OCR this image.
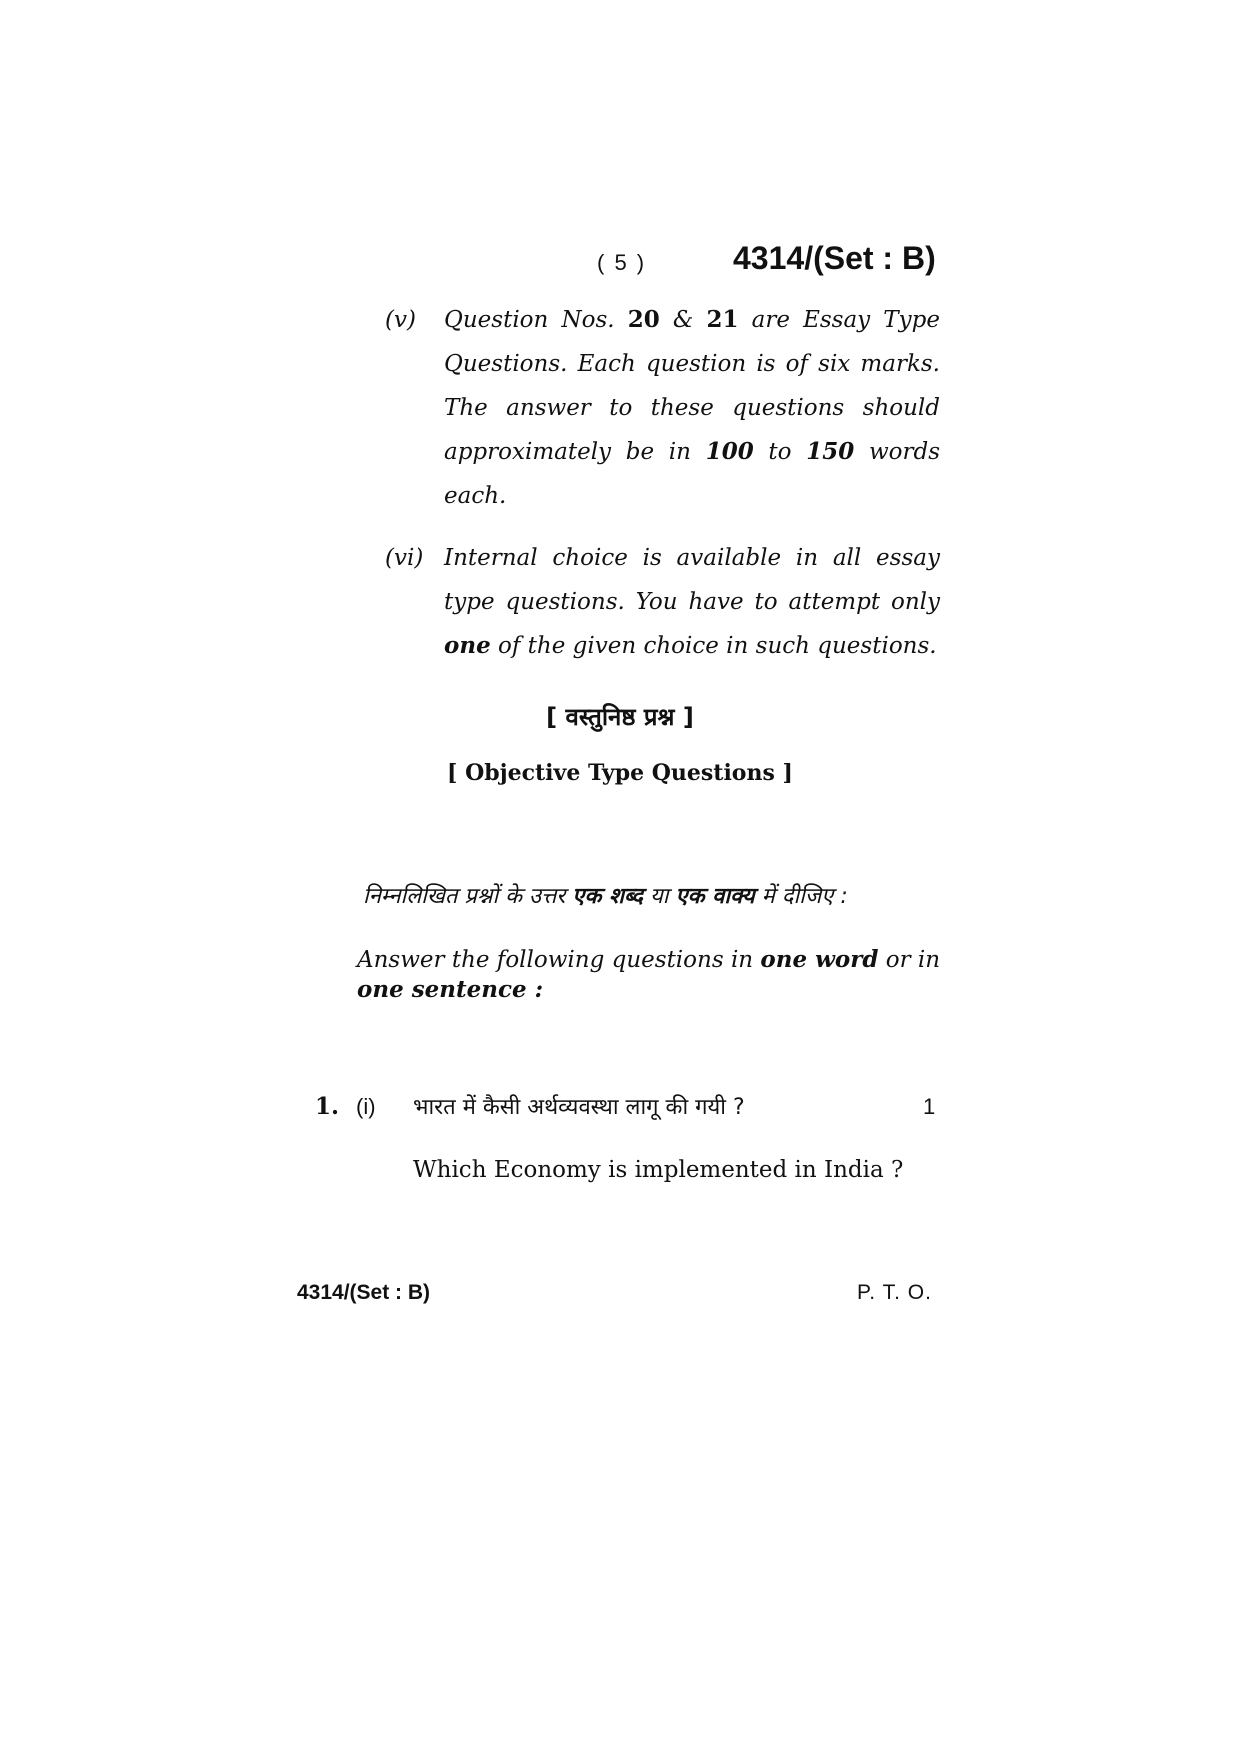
( 5 )	4314/(Set : B)
(v) Question Nos. 20 & 21 are Essay Type Questions. Each question is of six marks. The answer to these questions should approximately be in 100 to 150 words each.
(vi) Internal choice is available in all essay type questions. You have to attempt only one of the given choice in such questions.
[ वस्तुनिष्ठ प्रश्न ]
[ Objective Type Questions ]
निम्नलिखित प्रश्नों के उत्तर एक शब्द या एक वाक्य में दीजिए :
Answer the following questions in one word or in
one sentence :
1. (i) भारत में कैसी अर्थव्यवस्था लागू की गयी ?	1
Which Economy is implemented in India ?
4314/(Set : B)	P. T. O.
